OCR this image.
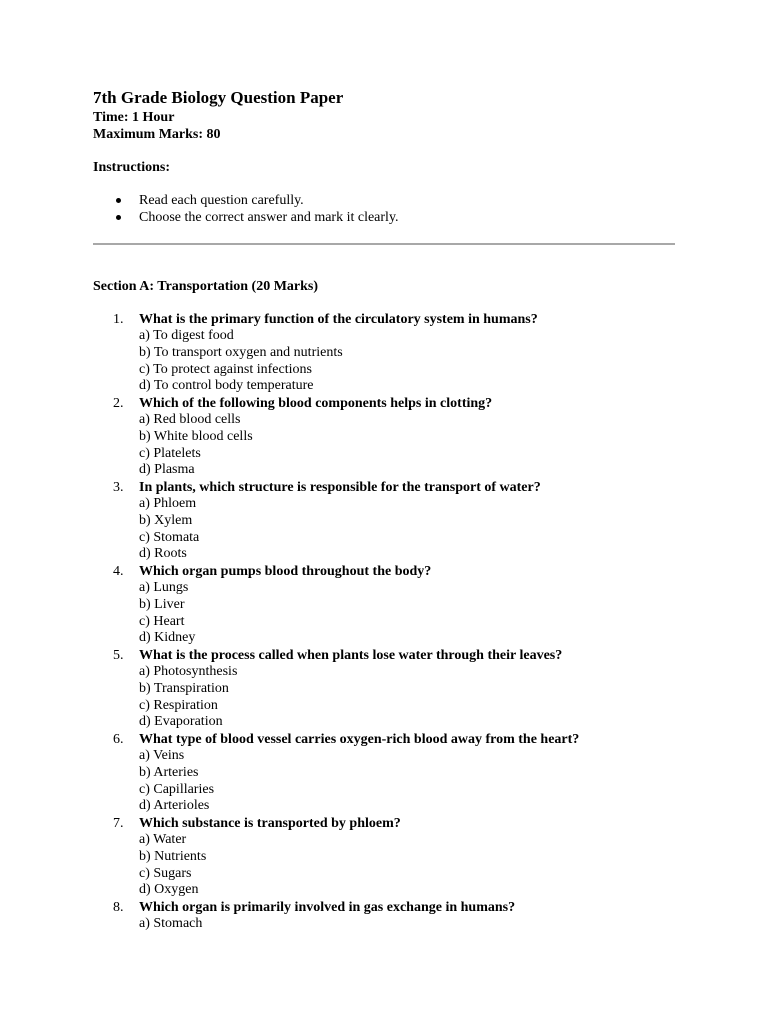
7th Grade Biology Question Paper

Time: 1 Hour

Maximum Marks: 80

Instructions:

Read each question carefully.
Choose the correct answer and mark it clearly.

Section A: Transportation (20 Marks)

1. What is the primary function of the circulatory system in humans?
a) To digest food
b) To transport oxygen and nutrients
c) To protect against infections
d) To control body temperature
2. Which of the following blood components helps in clotting?
a) Red blood cells
b) White blood cells
c) Platelets
d) Plasma
3. In plants, which structure is responsible for the transport of water?
a) Phloem
b) Xylem
c) Stomata
d) Roots
4. Which organ pumps blood throughout the body?
a) Lungs
b) Liver
c) Heart
d) Kidney
5. What is the process called when plants lose water through their leaves?
a) Photosynthesis
b) Transpiration
c) Respiration
d) Evaporation
6. What type of blood vessel carries oxygen-rich blood away from the heart?
a) Veins
b) Arteries
c) Capillaries
d) Arterioles
7. Which substance is transported by phloem?
a) Water
b) Nutrients
c) Sugars
d) Oxygen
8. Which organ is primarily involved in gas exchange in humans?
a) Stomach
